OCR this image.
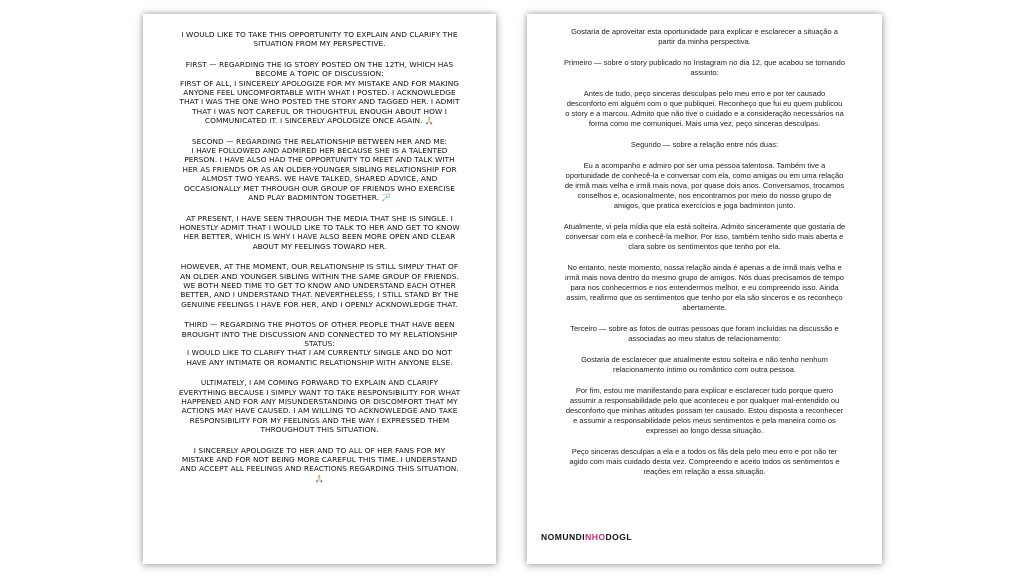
I WOULD LIKE TO TAKE THIS OPPORTUNITY TO EXPLAIN AND CLARIFY THE
SITUATION FROM MY PERSPECTIVE.

FIRST — REGARDING THE IG STORY POSTED ON THE 12TH, WHICH HAS
BECOME A TOPIC OF DISCUSSION:
FIRST OF ALL, I SINCERELY APOLOGIZE FOR MY MISTAKE AND FOR MAKING
ANYONE FEEL UNCOMFORTABLE WITH WHAT I POSTED. I ACKNOWLEDGE
THAT I WAS THE ONE WHO POSTED THE STORY AND TAGGED HER. I ADMIT
THAT I WAS NOT CAREFUL OR THOUGHTFUL ENOUGH ABOUT HOW I
COMMUNICATED IT. I SINCERELY APOLOGIZE ONCE AGAIN. 🙏🏻

SECOND — REGARDING THE RELATIONSHIP BETWEEN HER AND ME:
I HAVE FOLLOWED AND ADMIRED HER BECAUSE SHE IS A TALENTED
PERSON. I HAVE ALSO HAD THE OPPORTUNITY TO MEET AND TALK WITH
HER AS FRIENDS OR AS AN OLDER-YOUNGER SIBLING RELATIONSHIP FOR
ALMOST TWO YEARS. WE HAVE TALKED, SHARED ADVICE, AND
OCCASIONALLY MET THROUGH OUR GROUP OF FRIENDS WHO EXERCISE
AND PLAY BADMINTON TOGETHER. 🏸

AT PRESENT, I HAVE SEEN THROUGH THE MEDIA THAT SHE IS SINGLE. I
HONESTLY ADMIT THAT I WOULD LIKE TO TALK TO HER AND GET TO KNOW
HER BETTER, WHICH IS WHY I HAVE ALSO BEEN MORE OPEN AND CLEAR
ABOUT MY FEELINGS TOWARD HER.

HOWEVER, AT THE MOMENT, OUR RELATIONSHIP IS STILL SIMPLY THAT OF
AN OLDER AND YOUNGER SIBLING WITHIN THE SAME GROUP OF FRIENDS.
WE BOTH NEED TIME TO GET TO KNOW AND UNDERSTAND EACH OTHER
BETTER, AND I UNDERSTAND THAT. NEVERTHELESS, I STILL STAND BY THE
GENUINE FEELINGS I HAVE FOR HER, AND I OPENLY ACKNOWLEDGE THAT.

THIRD — REGARDING THE PHOTOS OF OTHER PEOPLE THAT HAVE BEEN
BROUGHT INTO THE DISCUSSION AND CONNECTED TO MY RELATIONSHIP
STATUS:
I WOULD LIKE TO CLARIFY THAT I AM CURRENTLY SINGLE AND DO NOT
HAVE ANY INTIMATE OR ROMANTIC RELATIONSHIP WITH ANYONE ELSE.

ULTIMATELY, I AM COMING FORWARD TO EXPLAIN AND CLARIFY
EVERYTHING BECAUSE I SIMPLY WANT TO TAKE RESPONSIBILITY FOR WHAT
HAPPENED AND FOR ANY MISUNDERSTANDING OR DISCOMFORT THAT MY
ACTIONS MAY HAVE CAUSED. I AM WILLING TO ACKNOWLEDGE AND TAKE
RESPONSIBILITY FOR MY FEELINGS AND THE WAY I EXPRESSED THEM
THROUGHOUT THIS SITUATION.

I SINCERELY APOLOGIZE TO HER AND TO ALL OF HER FANS FOR MY
MISTAKE AND FOR NOT BEING MORE CAREFUL THIS TIME. I UNDERSTAND
AND ACCEPT ALL FEELINGS AND REACTIONS REGARDING THIS SITUATION.
🙏🏻

Gostaria de aproveitar esta oportunidade para explicar e esclarecer a situação a
partir da minha perspectiva.

Primeiro — sobre o story publicado no Instagram no dia 12, que acabou se tornando
assunto:

Antes de tudo, peço sinceras desculpas pelo meu erro e por ter causado
desconforto em alguém com o que publiquei. Reconheço que fui eu quem publicou
o story e a marcou. Admito que não tive o cuidado e a consideração necessários na
forma como me comuniquei. Mais uma vez, peço sinceras desculpas.

Segundo — sobre a relação entre nós duas:

Eu a acompanho e admiro por ser uma pessoa talentosa. Também tive a
oportunidade de conhecê-la e conversar com ela, como amigas ou em uma relação
de irmã mais velha e irmã mais nova, por quase dois anos. Conversamos, trocamos
conselhos e, ocasionalmente, nos encontramos por meio do nosso grupo de
amigos, que pratica exercícios e joga badminton junto.

Atualmente, vi pela mídia que ela está solteira. Admito sinceramente que gostaria de
conversar com ela e conhecê-la melhor. Por isso, também tenho sido mais aberta e
clara sobre os sentimentos que tenho por ela.

No entanto, neste momento, nossa relação ainda é apenas a de irmã mais velha e
irmã mais nova dentro do mesmo grupo de amigos. Nós duas precisamos de tempo
para nos conhecermos e nos entendermos melhor, e eu compreendo isso. Ainda
assim, reafirmo que os sentimentos que tenho por ela são sinceros e os reconheço
abertamente.

Terceiro — sobre as fotos de outras pessoas que foram incluídas na discussão e
associadas ao meu status de relacionamento:

Gostaria de esclarecer que atualmente estou solteira e não tenho nenhum
relacionamento íntimo ou romântico com outra pessoa.

Por fim, estou me manifestando para explicar e esclarecer tudo porque quero
assumir a responsabilidade pelo que aconteceu e por qualquer mal-entendido ou
desconforto que minhas atitudes possam ter causado. Estou disposta a reconhecer
e assumir a responsabilidade pelos meus sentimentos e pela maneira como os
expressei ao longo dessa situação.

Peço sinceras desculpas a ela e a todos os fãs dela pelo meu erro e por não ter
agido com mais cuidado desta vez. Compreendo e aceito todos os sentimentos e
reações em relação a essa situação.

NOMUNDINHODOGL
